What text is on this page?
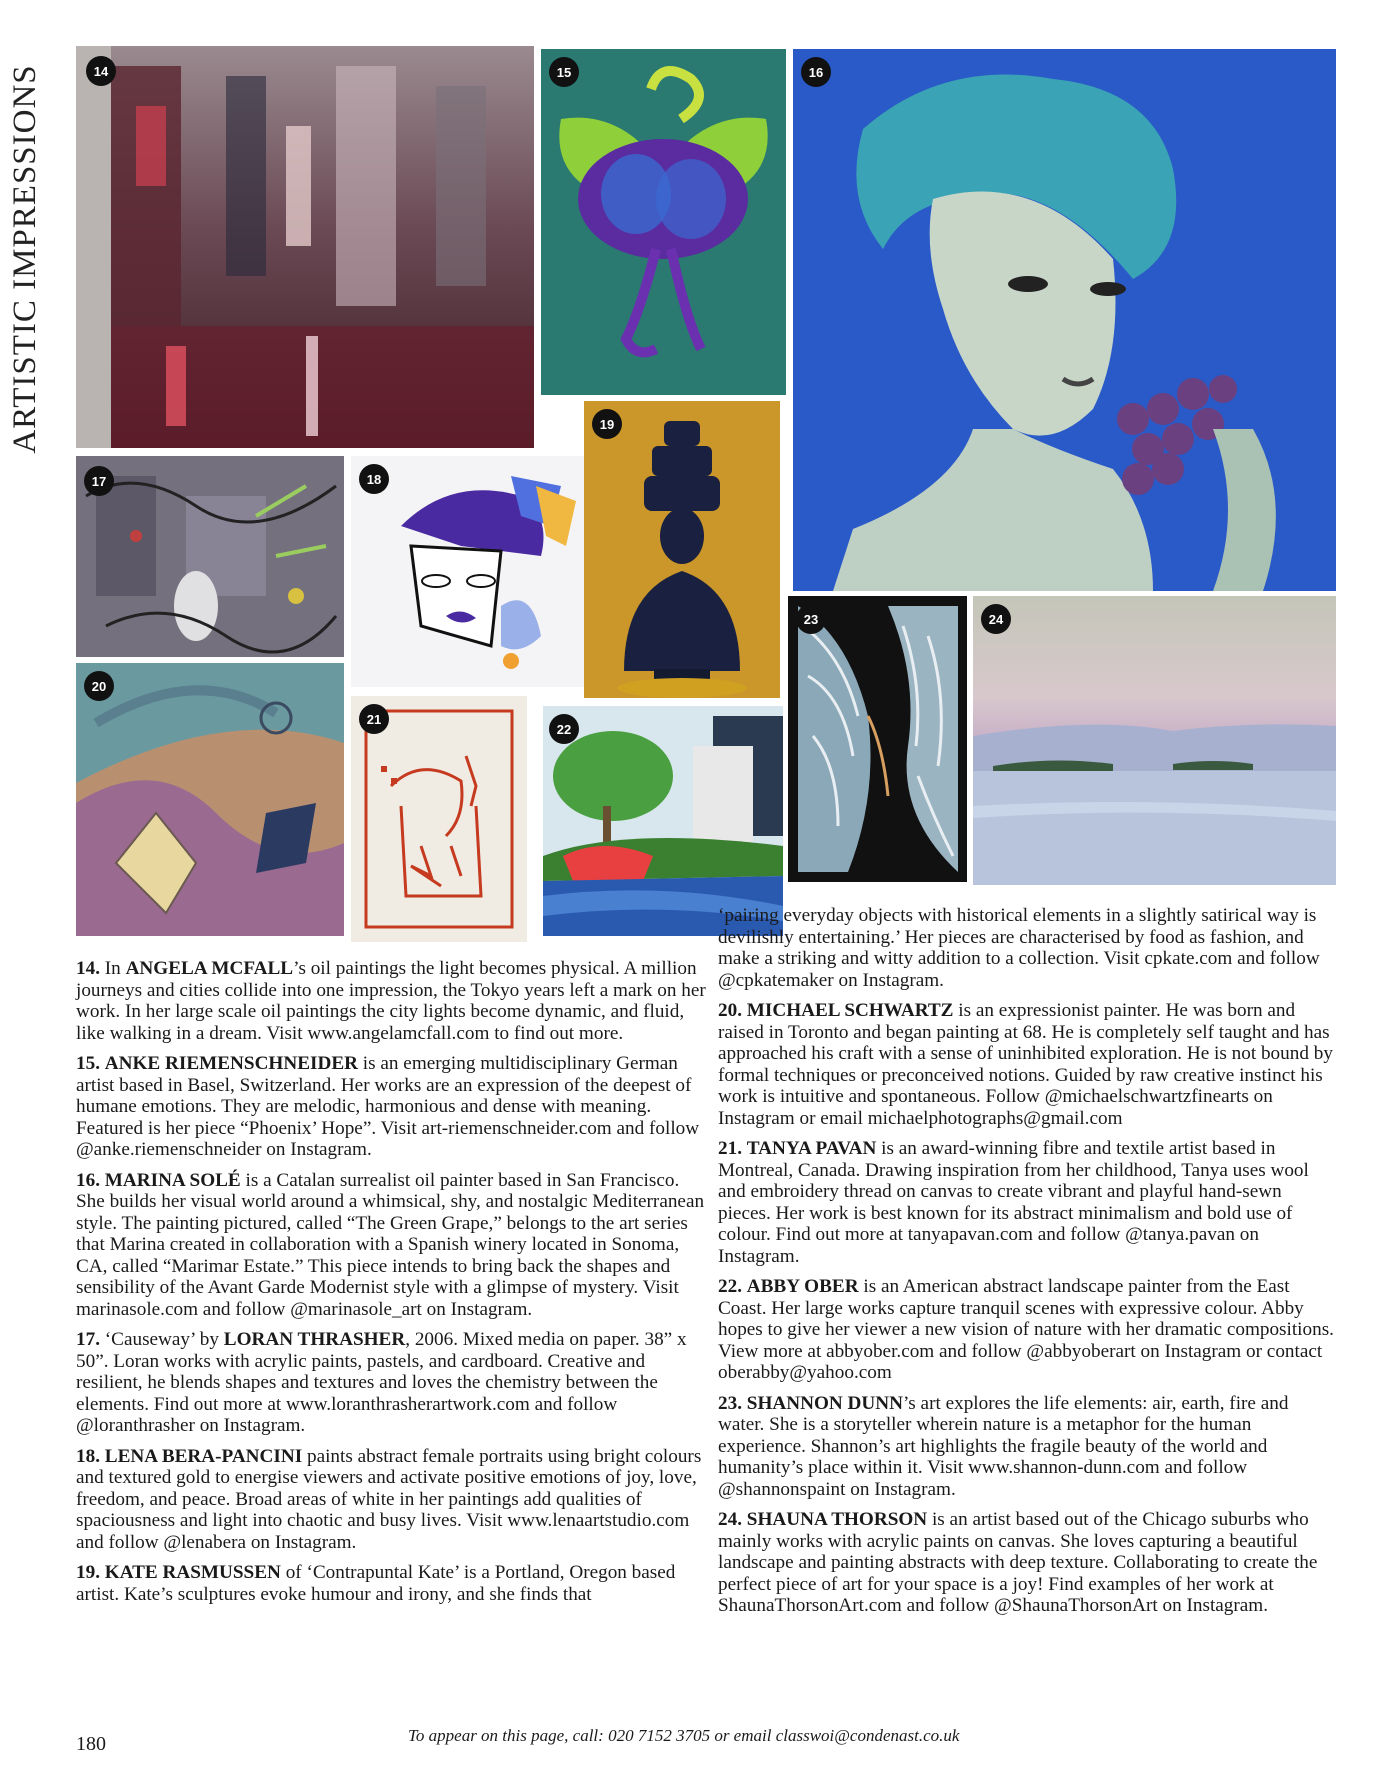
ARTISTIC IMPRESSIONS	14	15	16
17	18
19
20
21
22
23	24

14. In ANGELA MCFALL’s oil paintings the light becomes physical. A million journeys and cities collide into one impression, the Tokyo years left a mark on her work. In her large scale oil paintings the city lights become dynamic, and fluid, like walking in a dream. Visit www.angelamcfall.com to find out more.

15. ANKE RIEMENSCHNEIDER is an emerging multidisciplinary German artist based in Basel, Switzerland. Her works are an expression of the deepest of humane emotions. They are melodic, harmonious and dense with meaning. Featured is her piece “Phoenix’ Hope”. Visit art-riemenschneider.com and follow @anke.riemenschneider on Instagram.

16. MARINA SOLÉ is a Catalan surrealist oil painter based in San Francisco. She builds her visual world around a whimsical, shy, and nostalgic Mediterranean style. The painting pictured, called “The Green Grape,” belongs to the art series that Marina created in collaboration with a Spanish winery located in Sonoma, CA, called “Marimar Estate.” This piece intends to bring back the shapes and sensibility of the Avant Garde Modernist style with a glimpse of mystery. Visit marinasole.com and follow @marinasole_art on Instagram.

17. ‘Causeway’ by LORAN THRASHER, 2006. Mixed media on paper. 38” x 50”. Loran works with acrylic paints, pastels, and cardboard. Creative and resilient, he blends shapes and textures and loves the chemistry between the elements. Find out more at www.loranthrasherartwork.com and follow @loranthrasher on Instagram.

18. LENA BERA-PANCINI paints abstract female portraits using bright colours and textured gold to energise viewers and activate positive emotions of joy, love, freedom, and peace. Broad areas of white in her paintings add qualities of spaciousness and light into chaotic and busy lives. Visit www.lenaartstudio.com and follow @lenabera on Instagram.

19. KATE RASMUSSEN of ‘Contrapuntal Kate’ is a Portland, Oregon based artist. Kate’s sculptures evoke humour and irony, and she finds that

‘pairing everyday objects with historical elements in a slightly satirical way is devilishly entertaining.’ Her pieces are characterised by food as fashion, and make a striking and witty addition to a collection. Visit cpkate.com and follow @cpkatemaker on Instagram.

20. MICHAEL SCHWARTZ is an expressionist painter. He was born and raised in Toronto and began painting at 68. He is completely self taught and has approached his craft with a sense of uninhibited exploration. He is not bound by formal techniques or preconceived notions. Guided by raw creative instinct his work is intuitive and spontaneous. Follow @michaelschwartzfinearts on Instagram or email michaelphotographs@gmail.com

21. TANYA PAVAN is an award-winning fibre and textile artist based in Montreal, Canada. Drawing inspiration from her childhood, Tanya uses wool and embroidery thread on canvas to create vibrant and playful hand-sewn pieces. Her work is best known for its abstract minimalism and bold use of colour. Find out more at tanyapavan.com and follow @tanya.pavan on Instagram.

22. ABBY OBER is an American abstract landscape painter from the East Coast. Her large works capture tranquil scenes with expressive colour. Abby hopes to give her viewer a new vision of nature with her dramatic compositions. View more at abbyober.com and follow @abbyoberart on Instagram or contact oberabby@yahoo.com

23. SHANNON DUNN’s art explores the life elements: air, earth, fire and water. She is a storyteller wherein nature is a metaphor for the human experience. Shannon’s art highlights the fragile beauty of the world and humanity’s place within it. Visit www.shannon-dunn.com and follow @shannonspaint on Instagram.

24. SHAUNA THORSON is an artist based out of the Chicago suburbs who mainly works with acrylic paints on canvas. She loves capturing a beautiful landscape and painting abstracts with deep texture. Collaborating to create the perfect piece of art for your space is a joy! Find examples of her work at ShaunaThorsonArt.com and follow @ShaunaThorsonArt on Instagram.

180	To appear on this page, call: 020 7152 3705 or email classwoi@condenast.co.uk
